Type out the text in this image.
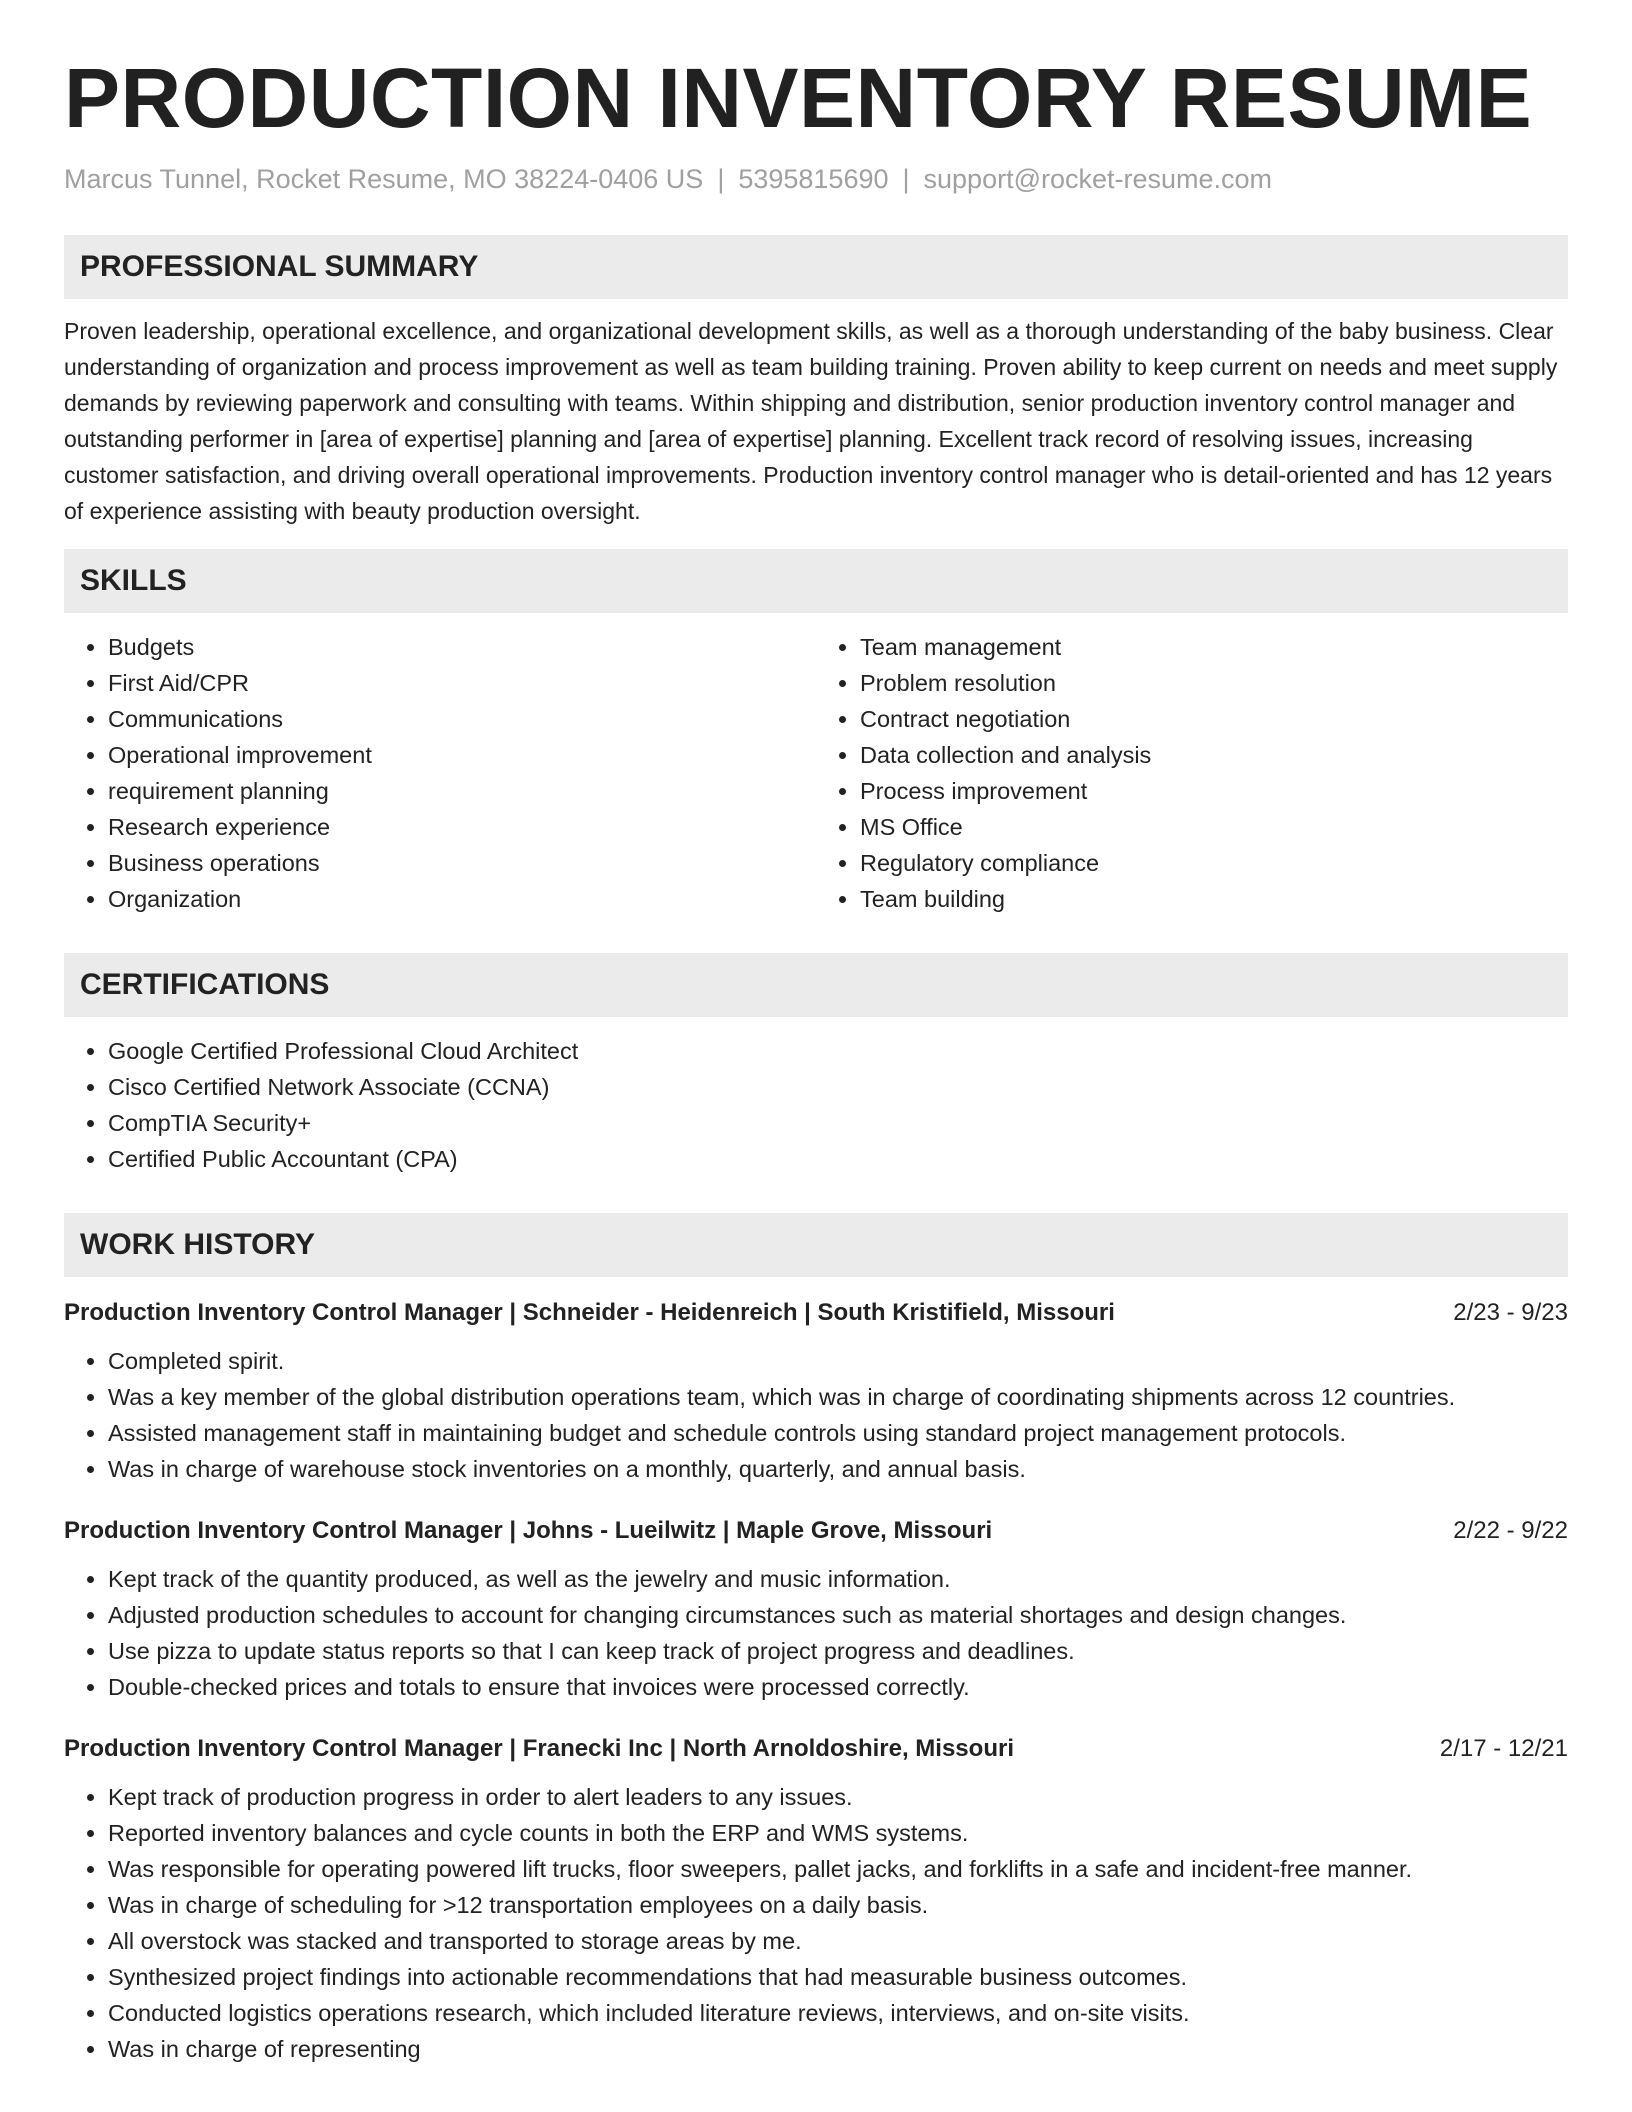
PRODUCTION INVENTORY RESUME
Marcus Tunnel, Rocket Resume, MO 38224-0406 US | 5395815690 | support@rocket-resume.com
PROFESSIONAL SUMMARY

Proven leadership, operational excellence, and organizational development skills, as well as a thorough understanding of the baby business. Clear understanding of organization and process improvement as well as team building training. Proven ability to keep current on needs and meet supply demands by reviewing paperwork and consulting with teams. Within shipping and distribution, senior production inventory control manager and outstanding performer in [area of expertise] planning and [area of expertise] planning. Excellent track record of resolving issues, increasing customer satisfaction, and driving overall operational improvements. Production inventory control manager who is detail-oriented and has 12 years of experience assisting with beauty production oversight.

SKILLS
• Budgets
• First Aid/CPR
• Communications
• Operational improvement
• requirement planning
• Research experience
• Business operations
• Organization
• Team management
• Problem resolution
• Contract negotiation
• Data collection and analysis
• Process improvement
• MS Office
• Regulatory compliance
• Team building
CERTIFICATIONS
• Google Certified Professional Cloud Architect
• Cisco Certified Network Associate (CCNA)
• CompTIA Security+
• Certified Public Accountant (CPA)
WORK HISTORY
Production Inventory Control Manager | Schneider - Heidenreich | South Kristifield, Missouri	2/23 - 9/23
• Completed spirit.
• Was a key member of the global distribution operations team, which was in charge of coordinating shipments across 12 countries.
• Assisted management staff in maintaining budget and schedule controls using standard project management protocols.
• Was in charge of warehouse stock inventories on a monthly, quarterly, and annual basis.
Production Inventory Control Manager | Johns - Lueilwitz | Maple Grove, Missouri	2/22 - 9/22
• Kept track of the quantity produced, as well as the jewelry and music information.
• Adjusted production schedules to account for changing circumstances such as material shortages and design changes.
• Use pizza to update status reports so that I can keep track of project progress and deadlines.
• Double-checked prices and totals to ensure that invoices were processed correctly.
Production Inventory Control Manager | Franecki Inc | North Arnoldoshire, Missouri	2/17 - 12/21
• Kept track of production progress in order to alert leaders to any issues.
• Reported inventory balances and cycle counts in both the ERP and WMS systems.
• Was responsible for operating powered lift trucks, floor sweepers, pallet jacks, and forklifts in a safe and incident-free manner.
• Was in charge of scheduling for >12 transportation employees on a daily basis.
• All overstock was stacked and transported to storage areas by me.
• Synthesized project findings into actionable recommendations that had measurable business outcomes.
• Conducted logistics operations research, which included literature reviews, interviews, and on-site visits.
• Was in charge of representing
